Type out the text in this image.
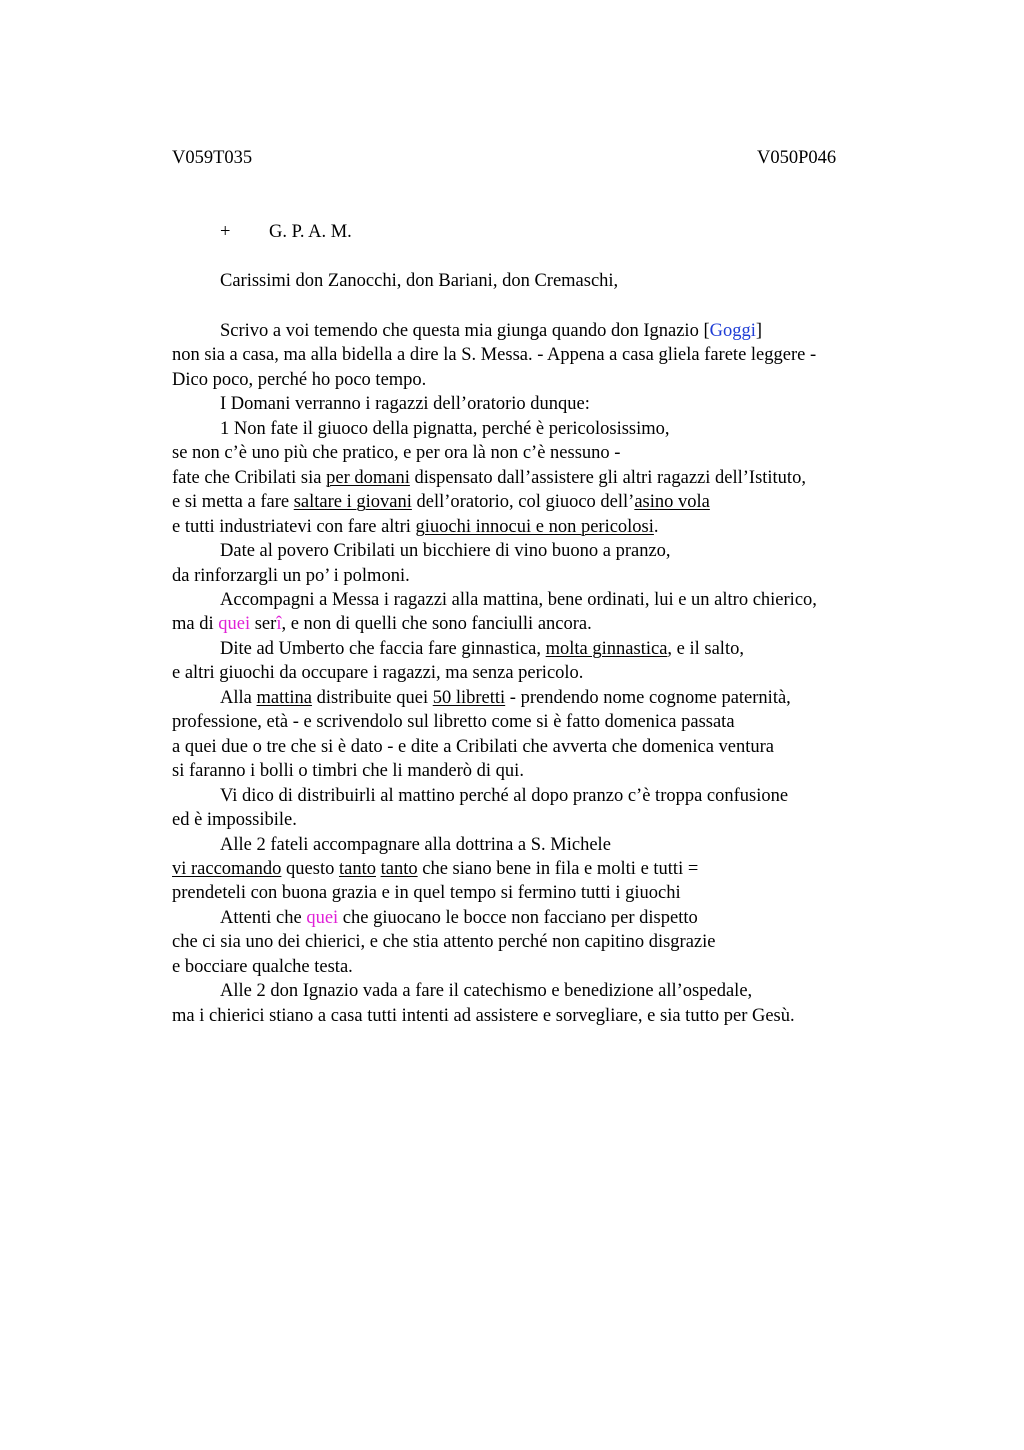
V059T035	V050P046
+ G. P. A. M.
Carissimi don Zanocchi, don Bariani, don Cremaschi,
Scrivo a voi temendo che questa mia giunga quando don Ignazio [Goggi]
non sia a casa, ma alla bidella a dire la S. Messa. - Appena a casa gliela farete leggere -
Dico poco, perché ho poco tempo.
I Domani verranno i ragazzi dell’oratorio dunque:
1 Non fate il giuoco della pignatta, perché è pericolosissimo,
se non c’è uno più che pratico, e per ora là non c’è nessuno -
fate che Cribilati sia per domani dispensato dall’assistere gli altri ragazzi dell’Istituto,
e si metta a fare saltare i giovani dell’oratorio, col giuoco dell’asino vola
e tutti industriatevi con fare altri giuochi innocui e non pericolosi.
Date al povero Cribilati un bicchiere di vino buono a pranzo,
da rinforzargli un po’ i polmoni.
Accompagni a Messa i ragazzi alla mattina, bene ordinati, lui e un altro chierico,
ma di quei serî, e non di quelli che sono fanciulli ancora.
Dite ad Umberto che faccia fare ginnastica, molta ginnastica, e il salto,
e altri giuochi da occupare i ragazzi, ma senza pericolo.
Alla mattina distribuite quei 50 libretti - prendendo nome cognome paternità,
professione, età - e scrivendolo sul libretto come si è fatto domenica passata
a quei due o tre che si è dato - e dite a Cribilati che avverta che domenica ventura
si faranno i bolli o timbri che li manderò di qui.
Vi dico di distribuirli al mattino perché al dopo pranzo c’è troppa confusione
ed è impossibile.
Alle 2 fateli accompagnare alla dottrina a S. Michele
vi raccomando questo tanto tanto che siano bene in fila e molti e tutti =
prendeteli con buona grazia e in quel tempo si fermino tutti i giuochi
Attenti che quei che giuocano le bocce non facciano per dispetto
che ci sia uno dei chierici, e che stia attento perché non capitino disgrazie
e bocciare qualche testa.
Alle 2 don Ignazio vada a fare il catechismo e benedizione all’ospedale,
ma i chierici stiano a casa tutti intenti ad assistere e sorvegliare, e sia tutto per Gesù.
